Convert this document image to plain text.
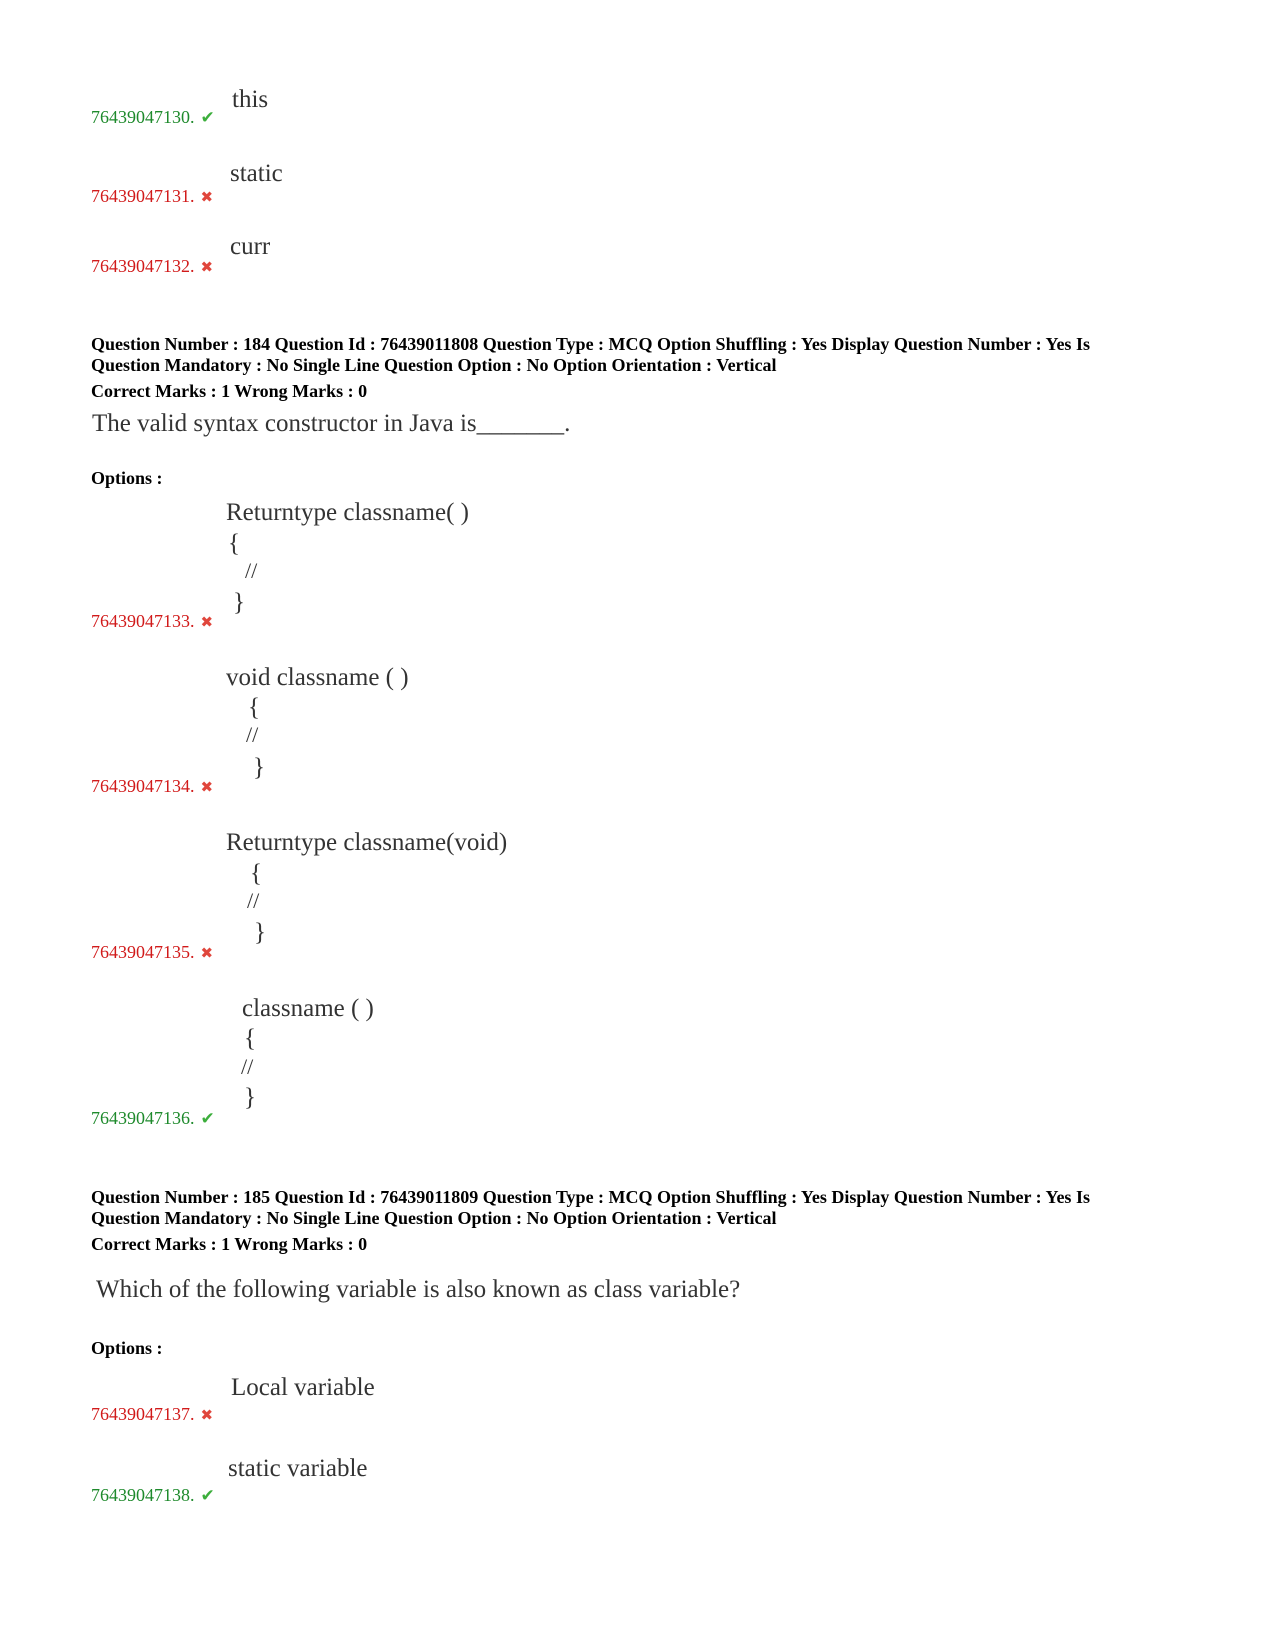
76439047130. ✔
this
76439047131. ✖
static
76439047132. ✖
curr
Question Number : 184 Question Id : 76439011808 Question Type : MCQ Option Shuffling : Yes Display Question Number : Yes Is
Question Mandatory : No Single Line Question Option : No Option Orientation : Vertical
Correct Marks : 1 Wrong Marks : 0
The valid syntax constructor in Java is_______.
Options :
Returntype classname( )
{
//
}
76439047133. ✖
void classname ( )
{
//
}
76439047134. ✖
Returntype classname(void)
{
//
}
76439047135. ✖
classname ( )
{
//
}
76439047136. ✔
Question Number : 185 Question Id : 76439011809 Question Type : MCQ Option Shuffling : Yes Display Question Number : Yes Is
Question Mandatory : No Single Line Question Option : No Option Orientation : Vertical
Correct Marks : 1 Wrong Marks : 0
Which of the following variable is also known as class variable?
Options :
Local variable
76439047137. ✖
static variable
76439047138. ✔
